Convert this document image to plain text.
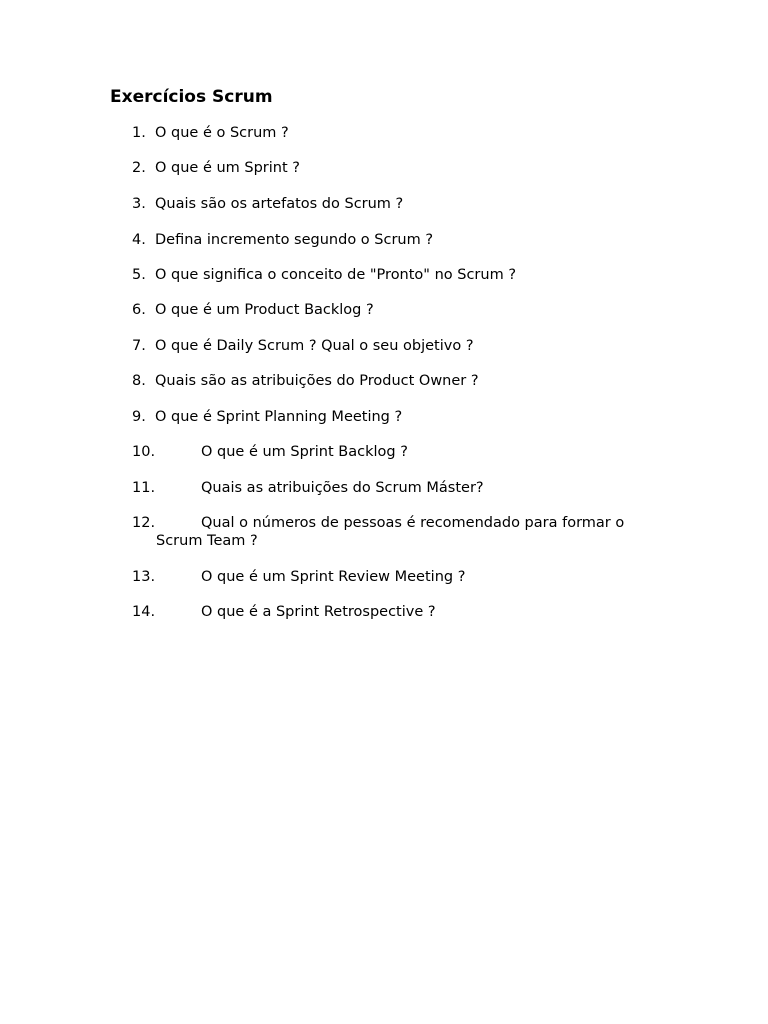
Exercícios Scrum
1. O que é o Scrum ?
2. O que é um Sprint ?
3. Quais são os artefatos do Scrum ?
4. Defina incremento segundo o Scrum ?
5. O que significa o conceito de "Pronto" no Scrum ?
6. O que é um Product Backlog ?
7. O que é Daily Scrum ? Qual o seu objetivo ?
8. Quais são as atribuições do Product Owner ?
9. O que é Sprint Planning Meeting ?
10.	O que é um Sprint Backlog ?
11.	Quais as atribuições do Scrum Máster?
12.	Qual o números de pessoas é recomendado para formar o
Scrum Team ?
13.	O que é um Sprint Review Meeting ?
14.	O que é a Sprint Retrospective ?
